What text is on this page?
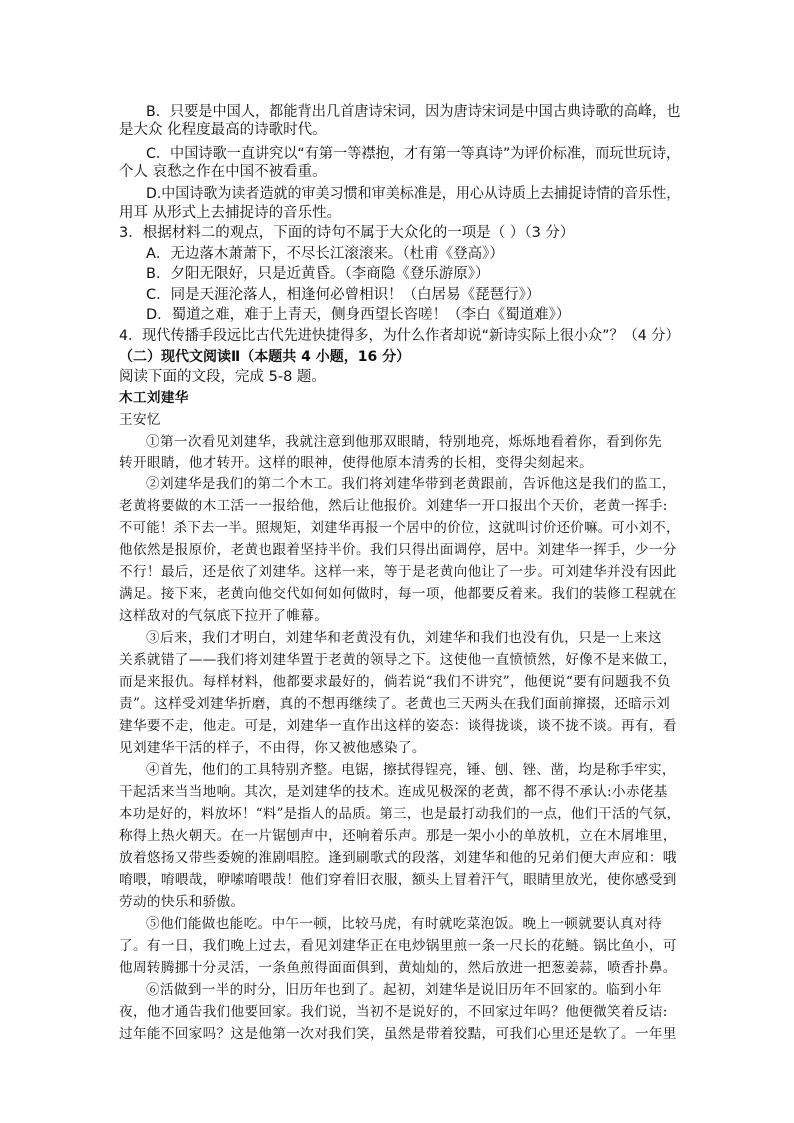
B．只要是中国人，都能背出几首唐诗宋词，因为唐诗宋词是中国古典诗歌的高峰，也
是大众 化程度最高的诗歌时代。
C．中国诗歌一直讲究以“有第一等襟抱，才有第一等真诗”为评价标准，而玩世玩诗，
个人 哀愁之作在中国不被看重。
D.中国诗歌为读者造就的审美习惯和审美标准是，用心从诗质上去捕捉诗情的音乐性，
用耳 从形式上去捕捉诗的音乐性。
3．根据材料二的观点，下面的诗句不属于大众化的一项是（ ）（3 分）
A．无边落木萧萧下，不尽长江滚滚来。（杜甫《登高》）
B．夕阳无限好，只是近黄昏。（李商隐《登乐游原》）
C．同是天涯沦落人，相逢何必曾相识！（白居易《琵琶行》）
D．蜀道之难，难于上青天，侧身西望长咨嗟！（李白《蜀道难》）
4．现代传播手段远比古代先进快捷得多，为什么作者却说“新诗实际上很小众”？（4 分）
（二）现代文阅读Ⅱ（本题共 4 小题，16 分）
阅读下面的文段，完成 5-8 题。
木工刘建华
王安忆
①第一次看见刘建华，我就注意到他那双眼睛，特别地亮，烁烁地看着你，看到你先
转开眼睛，他才转开。这样的眼神，使得他原本清秀的长相，变得尖刻起来。
②刘建华是我们的第二个木工。我们将刘建华带到老黄跟前，告诉他这是我们的监工，
老黄将要做的木工活一一报给他，然后让他报价。刘建华一开口报出个天价，老黄一挥手:
不可能！杀下去一半。照规矩，刘建华再报一个居中的价位，这就叫讨价还价嘛。可小刘不，
他依然是报原价，老黄也跟着坚持半价。我们只得出面调停，居中。刘建华一挥手，少一分
不行！最后，还是依了刘建华。这样一来，等于是老黄向他让了一步。可刘建华并没有因此
满足。接下来，老黄向他交代如何如何做时，每一项，他都要反着来。我们的装修工程就在
这样敌对的气氛底下拉开了帷幕。
③后来，我们才明白，刘建华和老黄没有仇，刘建华和我们也没有仇，只是一上来这
关系就错了——我们将刘建华置于老黄的领导之下。这使他一直愤愤然，好像不是来做工，
而是来报仇。每样材料，他都要求最好的，倘若说“我们不讲究”，他便说“要有问题我不负
责”。这样受刘建华折磨，真的不想再继续了。老黄也三天两头在我们面前撺掇，还暗示刘
建华要不走，他走。可是，刘建华一直作出这样的姿态：谈得拢谈，谈不拢不谈。再有，看
见刘建华干活的样子，不由得，你又被他感染了。
④首先，他们的工具特别齐整。电锯，擦拭得锃亮，锤、刨、锉、凿，均是称手牢实，
干起活来当当地响。其次，是刘建华的技术。连成见极深的老黄，都不得不承认:小赤佬基
本功是好的，料放坏！“料”是指人的品质。第三，也是最打动我们的一点，他们干活的气氛，
称得上热火朝天。在一片锯刨声中，还响着乐声。那是一架小小的单放机，立在木屑堆里，
放着悠扬又带些委婉的淮剧唱腔。逢到刷歌式的段落，刘建华和他的兄弟们便大声应和：哦
唷喂，唷喂哉，咿嗦唷喂哉！他们穿着旧衣服，额头上冒着汗气，眼睛里放光，使你感受到
劳动的快乐和骄傲。
⑤他们能做也能吃。中午一顿，比较马虎，有时就吃菜泡饭。晚上一顿就要认真对待
了。有一日，我们晚上过去，看见刘建华正在电炒锅里煎一条一尺长的花鲢。锅比鱼小，可
他周转腾挪十分灵活，一条鱼煎得面面俱到，黄灿灿的，然后放进一把葱姜蒜，喷香扑鼻。
⑥活做到一半的时分，旧历年也到了。起初，刘建华是说旧历年不回家的。临到小年
夜，他才通告我们他要回家。我们说，当初不是说好的，不回家过年吗？他便微笑着反诘:
过年能不回家吗？这是他第一次对我们笑，虽然是带着狡黠，可我们心里还是软了。一年里
